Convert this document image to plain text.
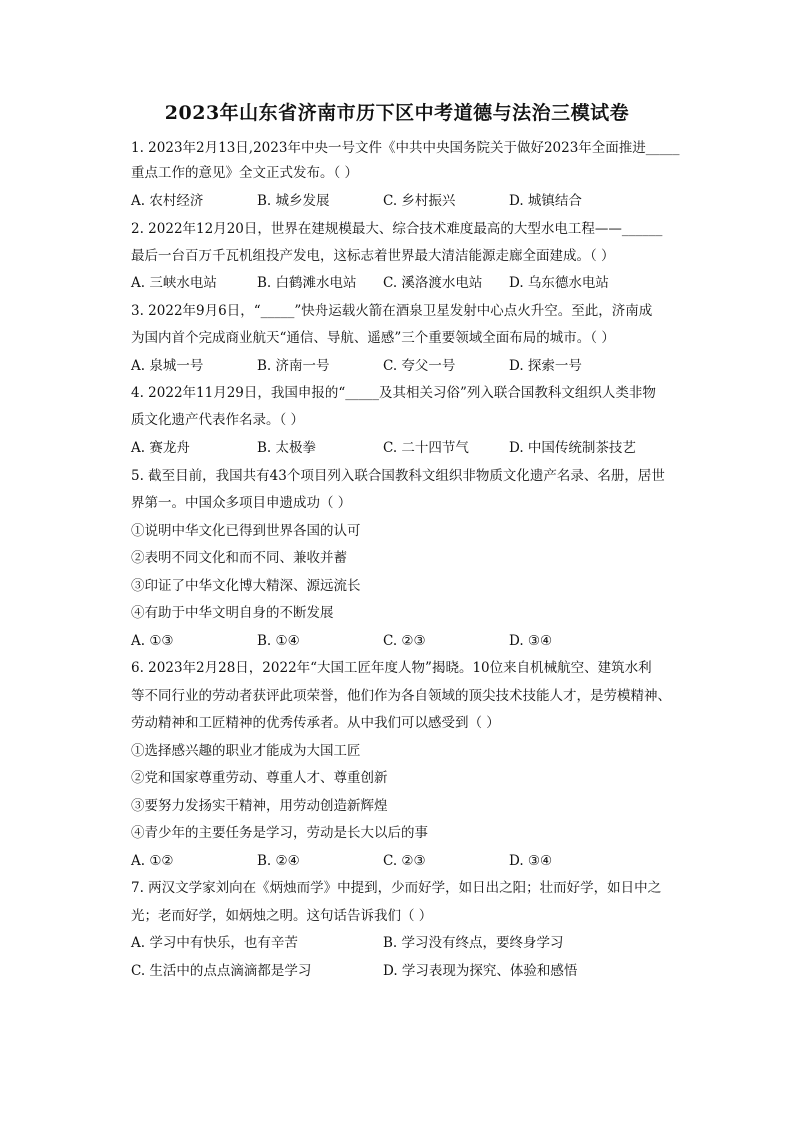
2023年山东省济南市历下区中考道德与法治三模试卷
1. 2023年2月13日,2023年中央一号文件《中共中央国务院关于做好2023年全面推进_____
重点工作的意见》全文正式发布。（ ）
A. 农村经济	B. 城乡发展	C. 乡村振兴	D. 城镇结合
2. 2022年12月20日，世界在建规模最大、综合技术难度最高的大型水电工程——______
最后一台百万千瓦机组投产发电，这标志着世界最大清洁能源走廊全面建成。（ ）
A. 三峡水电站	B. 白鹤滩水电站 C. 溪洛渡水电站 D. 乌东德水电站
3. 2022年9月6日，“_____”快舟运载火箭在酒泉卫星发射中心点火升空。至此，济南成
为国内首个完成商业航天“通信、导航、遥感”三个重要领域全面布局的城市。（ ）
A. 泉城一号	B. 济南一号	C. 夸父一号	D. 探索一号
4. 2022年11月29日，我国申报的“_____及其相关习俗”列入联合国教科文组织人类非物
质文化遗产代表作名录。（ ）
A. 赛龙舟	B. 太极拳	C. 二十四节气	D. 中国传统制茶技艺
5. 截至目前，我国共有43个项目列入联合国教科文组织非物质文化遗产名录、名册，居世
界第一。中国众多项目申遗成功（ ）
①说明中华文化已得到世界各国的认可
②表明不同文化和而不同、兼收并蓄
③印证了中华文化博大精深、源远流长
④有助于中华文明自身的不断发展
A. ①③	B. ①④	C. ②③	D. ③④
6. 2023年2月28日，2022年“大国工匠年度人物”揭晓。10位来自机械航空、建筑水利
等不同行业的劳动者获评此项荣誉，他们作为各自领域的顶尖技术技能人才，是劳模精神、
劳动精神和工匠精神的优秀传承者。从中我们可以感受到（ ）
①选择感兴趣的职业才能成为大国工匠
②党和国家尊重劳动、尊重人才、尊重创新
③要努力发扬实干精神，用劳动创造新辉煌
④青少年的主要任务是学习，劳动是长大以后的事
A. ①②	B. ②④	C. ②③	D. ③④
7. 两汉文学家刘向在《炳烛而学》中提到，少而好学，如日出之阳；壮而好学，如日中之
光；老而好学，如炳烛之明。这句话告诉我们（ ）
A. 学习中有快乐，也有辛苦	B. 学习没有终点，要终身学习
C. 生活中的点点滴滴都是学习	D. 学习表现为探究、体验和感悟
